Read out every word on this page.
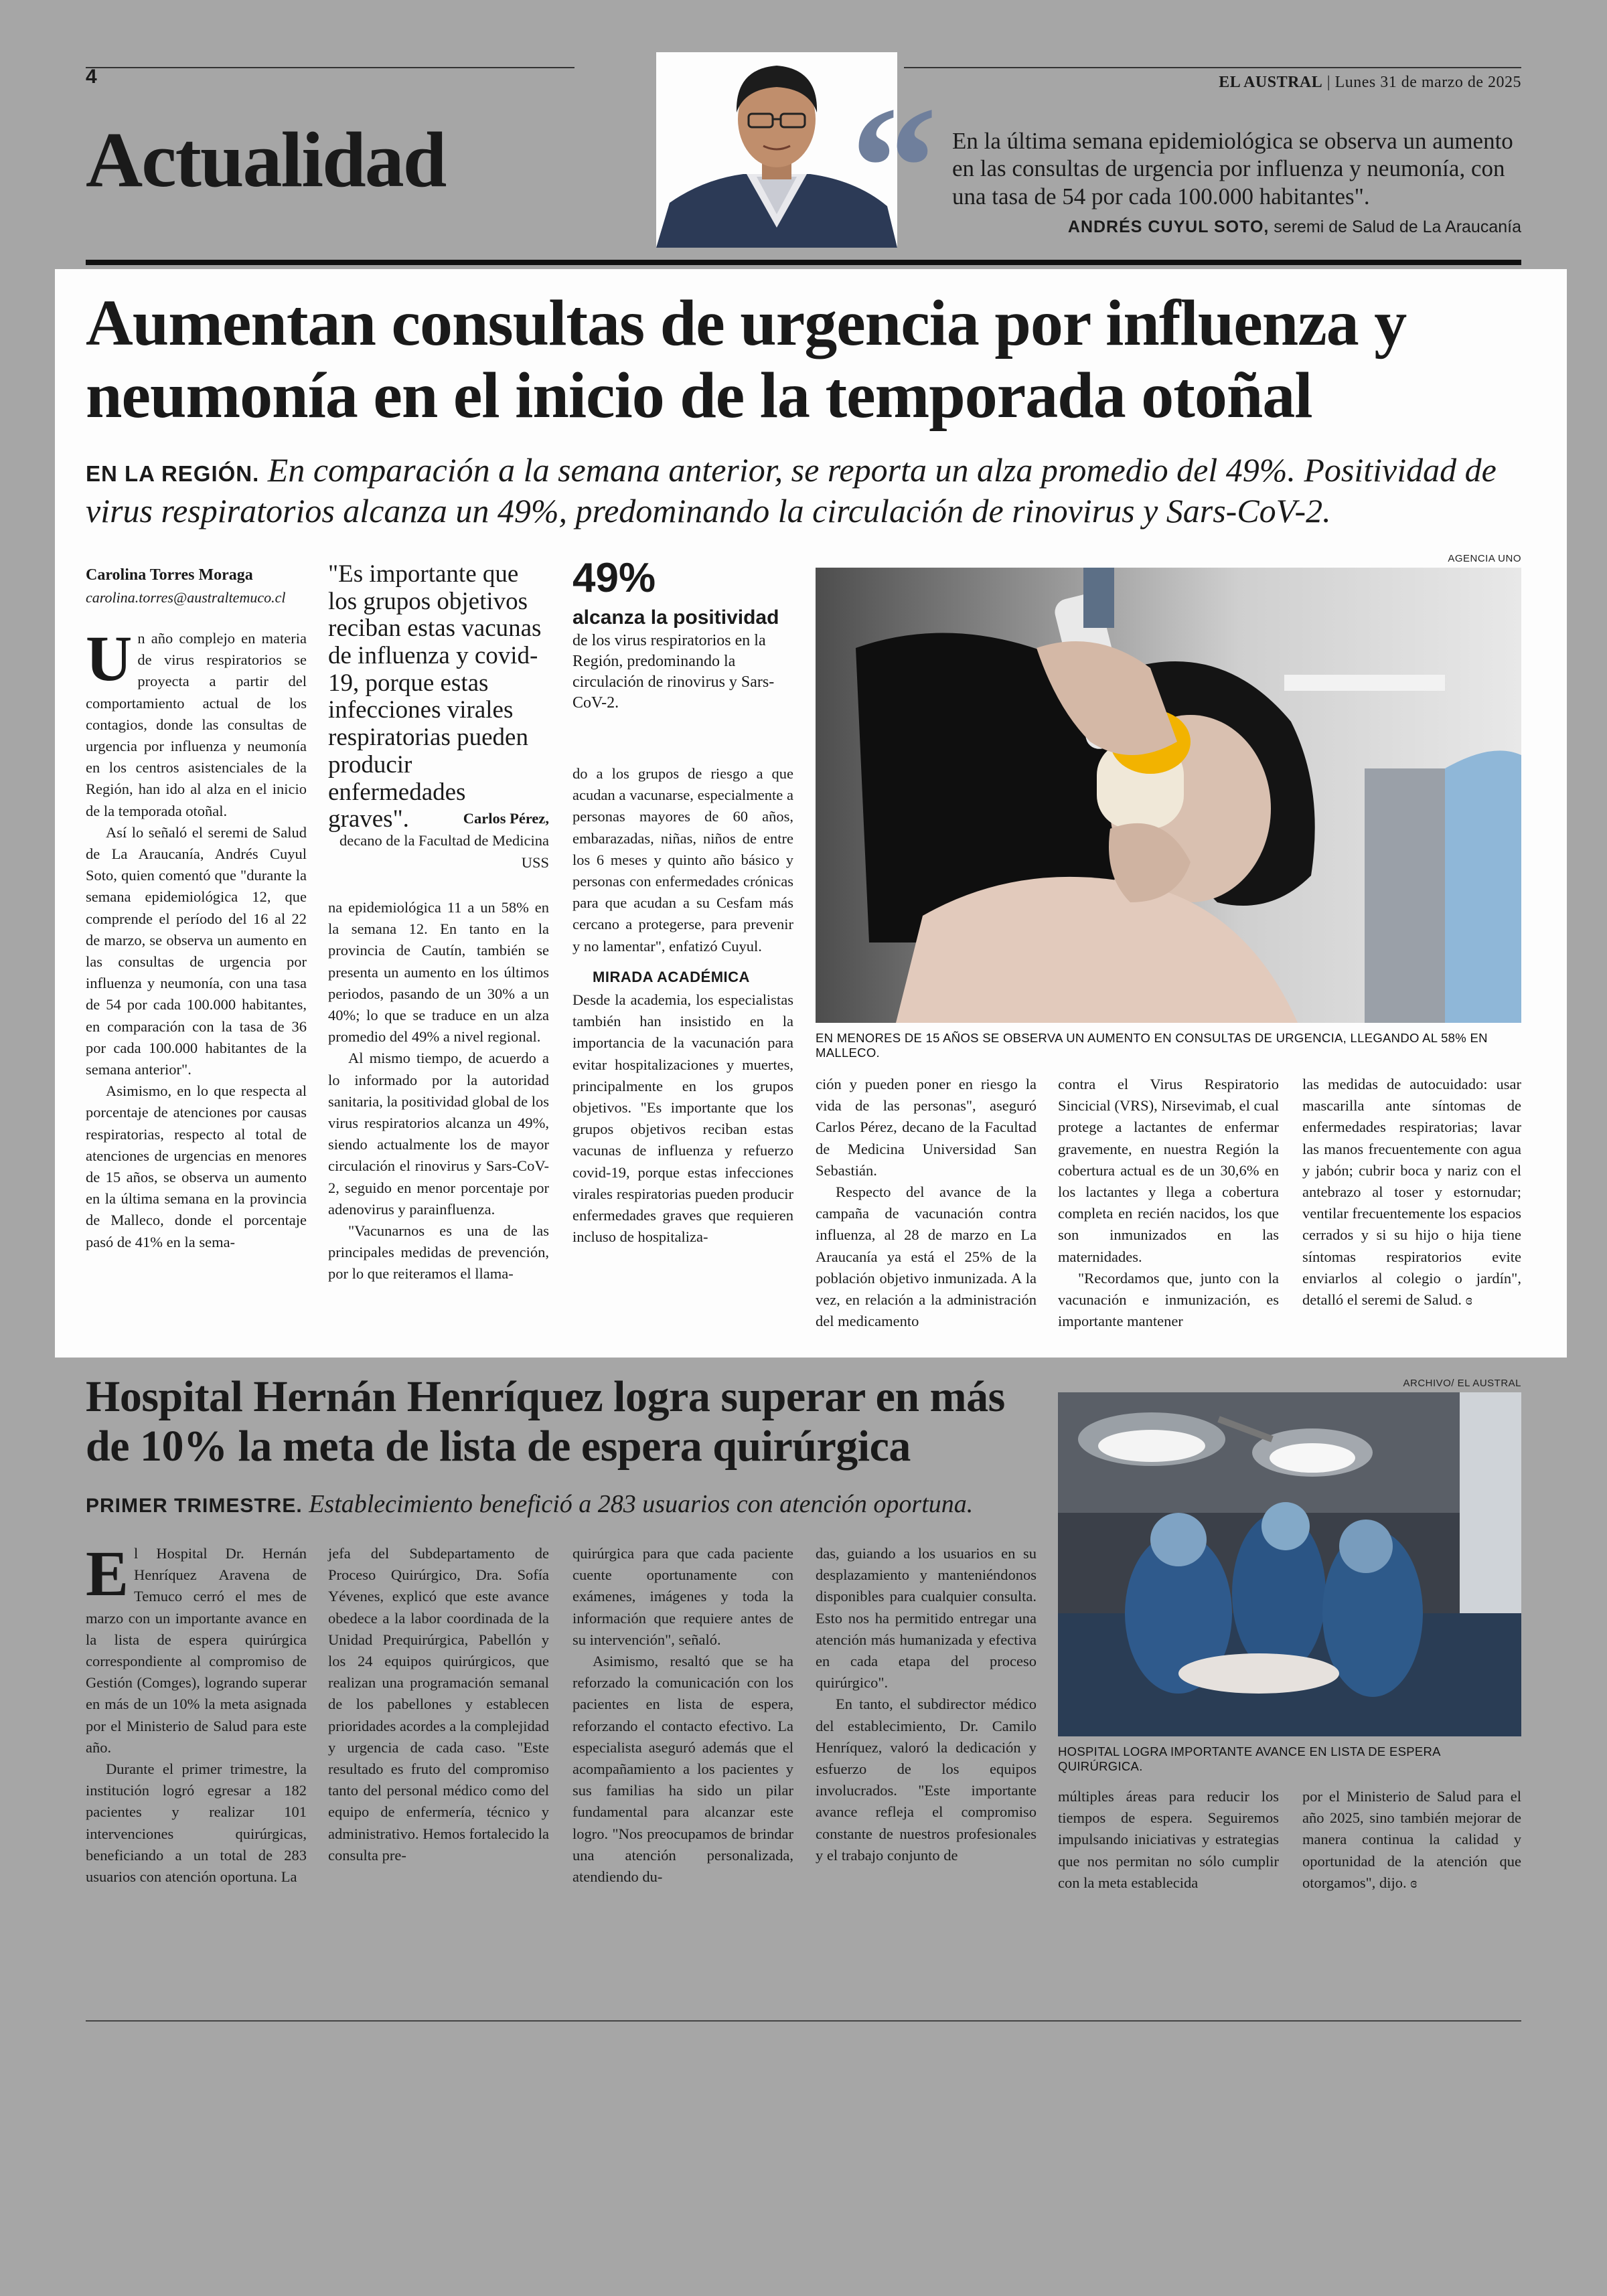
4	EL AUSTRAL | Lunes 31 de marzo de 2025
Actualidad “ En la última semana epidemiológica se observa un aumento en las consultas de urgencia por influenza y neumonía, con una tasa de 54 por cada 100.000 habitantes".
ANDRÉS CUYUL SOTO, seremi de Salud de La Araucanía
Aumentan consultas de urgencia por influenza y neumonía en el inicio de la temporada otoñal
EN LA REGIÓN. En comparación a la semana anterior, se reporta un alza promedio del 49%. Positividad de virus respiratorios alcanza un 49%, predominando la circulación de rinovirus y Sars-CoV-2.
Carolina Torres Moraga
carolina.torres@australtemuco.cl

Un año complejo en materia de virus respiratorios se proyecta a partir del comportamiento actual de los contagios, donde las consultas de urgencia por influenza y neumonía en los centros asistenciales de la Región, han ido al alza en el inicio de la temporada otoñal.

Así lo señaló el seremi de Salud de La Araucanía, Andrés Cuyul Soto, quien comentó que "durante la semana epidemiológica 12, que comprende el período del 16 al 22 de marzo, se observa un aumento en las consultas de urgencia por influenza y neumonía, con una tasa de 54 por cada 100.000 habitantes, en comparación con la tasa de 36 por cada 100.000 habitantes de la semana anterior".

Asimismo, en lo que respecta al porcentaje de atenciones por causas respiratorias, respecto al total de atenciones de urgencias en menores de 15 años, se observa un aumento en la última semana en la provincia de Malleco, donde el porcentaje pasó de 41% en la sema-

"Es importante que los grupos objetivos reciban estas vacunas de influenza y covid-19, porque estas infecciones virales respiratorias pueden producir enfermedades graves".	Carlos Pérez,
decano de la Facultad de Medicina USS

na epidemiológica 11 a un 58% en la semana 12. En tanto en la provincia de Cautín, también se presenta un aumento en los últimos periodos, pasando de un 30% a un 40%; lo que se traduce en un alza promedio del 49% a nivel regional.

Al mismo tiempo, de acuerdo a lo informado por la autoridad sanitaria, la positividad global de los virus respiratorios alcanza un 49%, siendo actualmente los de mayor circulación el rinovirus y Sars-CoV-2, seguido en menor porcentaje por adenovirus y parainfluenza.

"Vacunarnos es una de las principales medidas de prevención, por lo que reiteramos el llama-

49%
alcanza la positividad de los virus respiratorios en la Región, predominando la circulación de rinovirus y Sars-CoV-2.

do a los grupos de riesgo a que acudan a vacunarse, especialmente a personas mayores de 60 años, embarazadas, niñas, niños de entre los 6 meses y quinto año básico y personas con enfermedades crónicas para que acudan a su Cesfam más cercano a protegerse, para prevenir y no lamentar", enfatizó Cuyul.

MIRADA ACADÉMICA

Desde la academia, los especialistas también han insistido en la importancia de la vacunación para evitar hospitalizaciones y muertes, principalmente en los grupos objetivos. "Es importante que los grupos objetivos reciban estas vacunas de influenza y refuerzo covid-19, porque estas infecciones virales respiratorias pueden producir enfermedades graves que requieren incluso de hospitaliza-

AGENCIA UNO
EN MENORES DE 15 AÑOS SE OBSERVA UN AUMENTO EN CONSULTAS DE URGENCIA, LLEGANDO AL 58% EN MALLECO.

ción y pueden poner en riesgo la vida de las personas", aseguró Carlos Pérez, decano de la Facultad de Medicina Universidad San Sebastián.

Respecto del avance de la campaña de vacunación contra influenza, al 28 de marzo en La Araucanía ya está el 25% de la población objetivo inmunizada. A la vez, en relación a la administración del medicamento

contra el Virus Respiratorio Sincicial (VRS), Nirsevimab, el cual protege a lactantes de enfermar gravemente, en nuestra Región la cobertura actual es de un 30,6% en los lactantes y llega a cobertura completa en recién nacidos, los que son inmunizados en las maternidades.

"Recordamos que, junto con la vacunación e inmunización, es importante mantener

las medidas de autocuidado: usar mascarilla ante síntomas de enfermedades respiratorias; lavar las manos frecuentemente con agua y jabón; cubrir boca y nariz con el antebrazo al toser y estornudar; ventilar frecuentemente los espacios cerrados y si su hijo o hija tiene síntomas respiratorios evite enviarlos al colegio o jardín", detalló el seremi de Salud. ɞ

Hospital Hernán Henríquez logra superar en más de 10% la meta de lista de espera quirúrgica
PRIMER TRIMESTRE. Establecimiento benefició a 283 usuarios con atención oportuna.

El Hospital Dr. Hernán Henríquez Aravena de Temuco cerró el mes de marzo con un importante avance en la lista de espera quirúrgica correspondiente al compromiso de Gestión (Comges), logrando superar en más de un 10% la meta asignada por el Ministerio de Salud para este año.

Durante el primer trimestre, la institución logró egresar a 182 pacientes y realizar 101 intervenciones quirúrgicas, beneficiando a un total de 283 usuarios con atención oportuna. La

jefa del Subdepartamento de Proceso Quirúrgico, Dra. Sofía Yévenes, explicó que este avance obedece a la labor coordinada de la Unidad Prequirúrgica, Pabellón y los 24 equipos quirúrgicos, que realizan una programación semanal de los pabellones y establecen prioridades acordes a la complejidad y urgencia de cada caso. "Este resultado es fruto del compromiso tanto del personal médico como del equipo de enfermería, técnico y administrativo. Hemos fortalecido la consulta pre-

quirúrgica para que cada paciente cuente oportunamente con exámenes, imágenes y toda la información que requiere antes de su intervención", señaló.

Asimismo, resaltó que se ha reforzado la comunicación con los pacientes en lista de espera, reforzando el contacto efectivo. La especialista aseguró además que el acompañamiento a los pacientes y sus familias ha sido un pilar fundamental para alcanzar este logro. "Nos preocupamos de brindar una atención personalizada, atendiendo du-

das, guiando a los usuarios en su desplazamiento y manteniéndonos disponibles para cualquier consulta. Esto nos ha permitido entregar una atención más humanizada y efectiva en cada etapa del proceso quirúrgico".

En tanto, el subdirector médico del establecimiento, Dr. Camilo Henríquez, valoró la dedicación y esfuerzo de los equipos involucrados. "Este importante avance refleja el compromiso constante de nuestros profesionales y el trabajo conjunto de

ARCHIVO/ EL AUSTRAL
HOSPITAL LOGRA IMPORTANTE AVANCE EN LISTA DE ESPERA QUIRÚRGICA.

múltiples áreas para reducir los tiempos de espera. Seguiremos impulsando iniciativas y estrategias que nos permitan no sólo cumplir con la meta establecida

por el Ministerio de Salud para el año 2025, sino también mejorar de manera continua la calidad y oportunidad de la atención que otorgamos", dijo. ɞ
